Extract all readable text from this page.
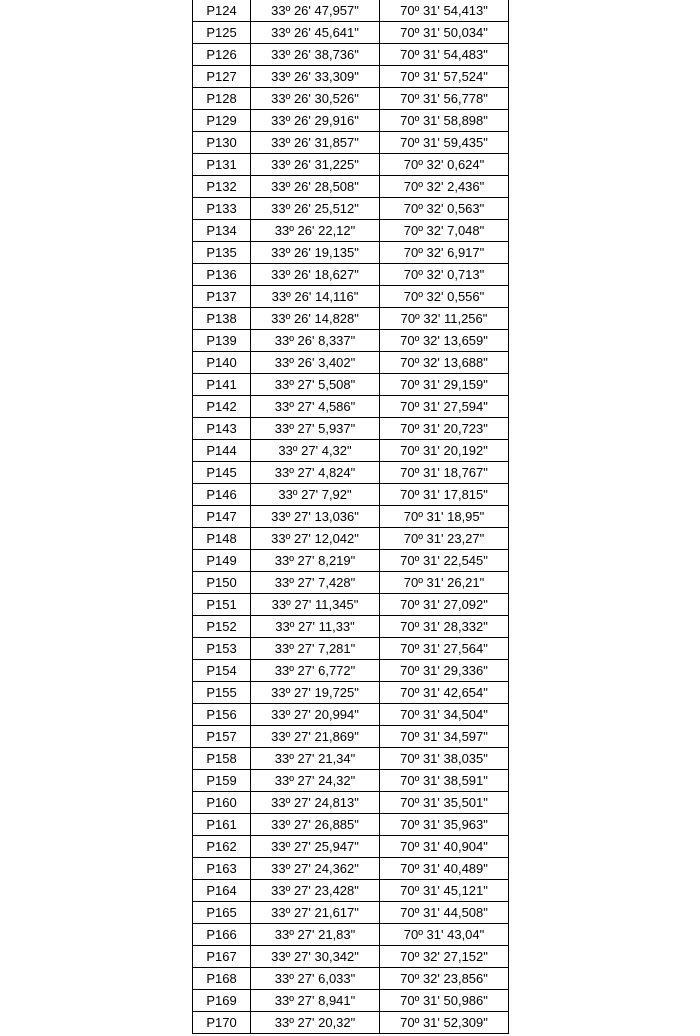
P124	33º 26' 47,957"	70º 31' 54,413"
P125	33º 26' 45,641"	70º 31' 50,034"
P126	33º 26' 38,736"	70º 31' 54,483"
P127	33º 26' 33,309"	70º 31' 57,524"
P128	33º 26' 30,526"	70º 31' 56,778"
P129	33º 26' 29,916"	70º 31' 58,898"
P130	33º 26' 31,857"	70º 31' 59,435"
P131	33º 26' 31,225"	70º 32' 0,624"
P132	33º 26' 28,508"	70º 32' 2,436"
P133	33º 26' 25,512"	70º 32' 0,563"
P134	33º 26' 22,12"	70º 32' 7,048"
P135	33º 26' 19,135"	70º 32' 6,917"
P136	33º 26' 18,627"	70º 32' 0,713"
P137	33º 26' 14,116"	70º 32' 0,556"
P138	33º 26' 14,828"	70º 32' 11,256"
P139	33º 26' 8,337"	70º 32' 13,659"
P140	33º 26' 3,402"	70º 32' 13,688"
P141	33º 27' 5,508"	70º 31' 29,159"
P142	33º 27' 4,586"	70º 31' 27,594"
P143	33º 27' 5,937"	70º 31' 20,723"
P144	33º 27' 4,32"	70º 31' 20,192"
P145	33º 27' 4,824"	70º 31' 18,767"
P146	33º 27' 7,92"	70º 31' 17,815"
P147	33º 27' 13,036"	70º 31' 18,95"
P148	33º 27' 12,042"	70º 31' 23,27"
P149	33º 27' 8,219"	70º 31' 22,545"
P150	33º 27' 7,428"	70º 31' 26,21"
P151	33º 27' 11,345"	70º 31' 27,092"
P152	33º 27' 11,33"	70º 31' 28,332"
P153	33º 27' 7,281"	70º 31' 27,564"
P154	33º 27' 6,772"	70º 31' 29,336"
P155	33º 27' 19,725"	70º 31' 42,654"
P156	33º 27' 20,994"	70º 31' 34,504"
P157	33º 27' 21,869"	70º 31' 34,597"
P158	33º 27' 21,34"	70º 31' 38,035"
P159	33º 27' 24,32"	70º 31' 38,591"
P160	33º 27' 24,813"	70º 31' 35,501"
P161	33º 27' 26,885"	70º 31' 35,963"
P162	33º 27' 25,947"	70º 31' 40,904"
P163	33º 27' 24,362"	70º 31' 40,489"
P164	33º 27' 23,428"	70º 31' 45,121"
P165	33º 27' 21,617"	70º 31' 44,508"
P166	33º 27' 21,83"	70º 31' 43,04"
P167	33º 27' 30,342"	70º 32' 27,152"
P168	33º 27' 6,033"	70º 32' 23,856"
P169	33º 27' 8,941"	70º 31' 50,986"
P170	33º 27' 20,32"	70º 31' 52,309"
